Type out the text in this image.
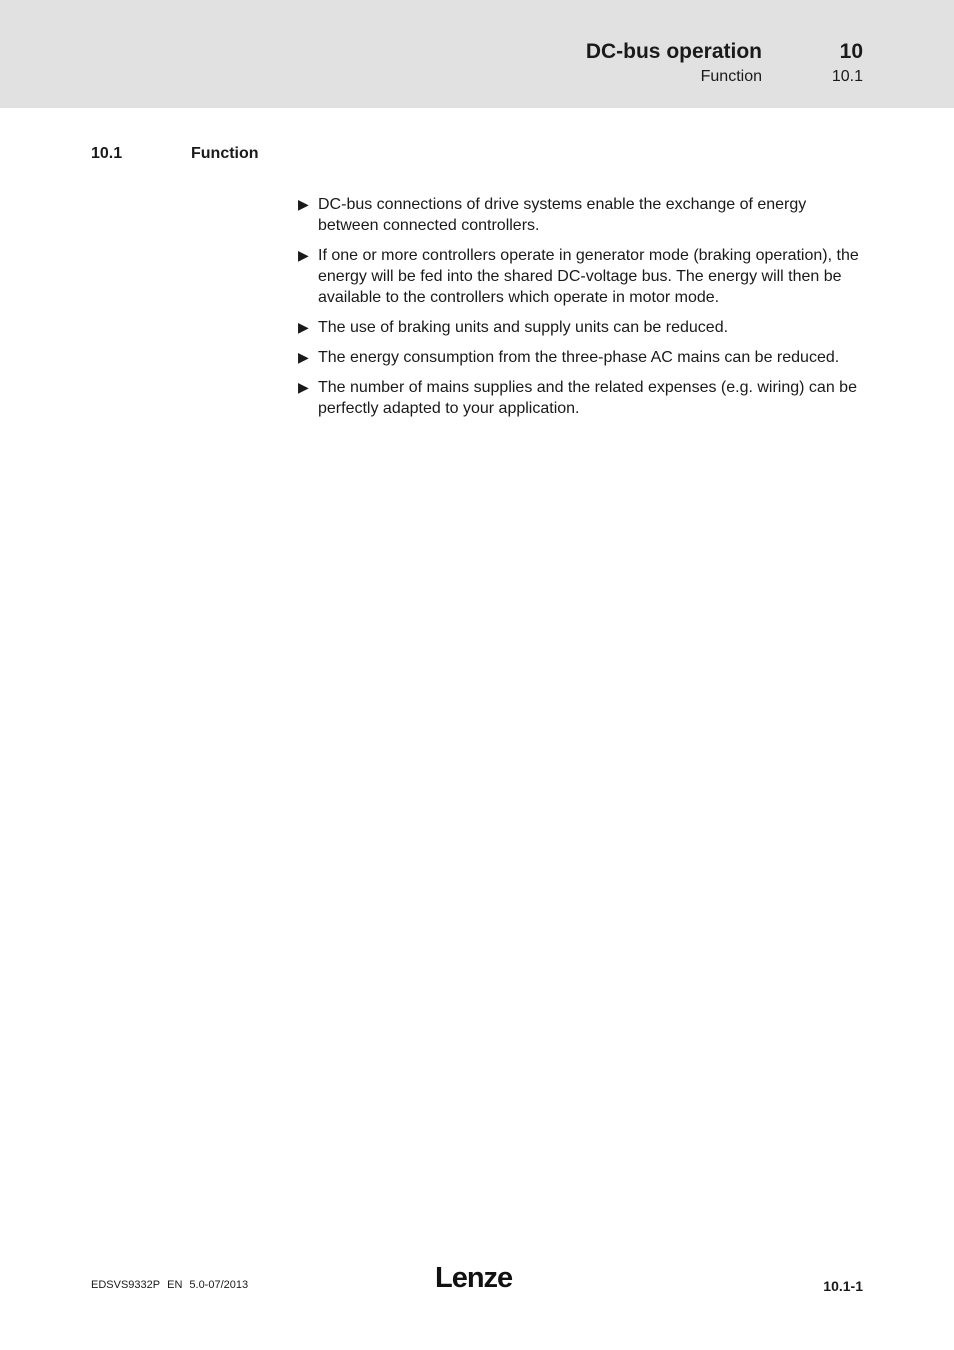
DC-bus operation	10
Function	10.1
10.1	Function
▶ DC-bus connections of drive systems enable the exchange of energy between connected controllers.
▶ If one or more controllers operate in generator mode (braking operation), the energy will be fed into the shared DC-voltage bus. The energy will then be available to the controllers which operate in motor mode.
▶ The use of braking units and supply units can be reduced.
▶ The energy consumption from the three-phase AC mains can be reduced.
▶ The number of mains supplies and the related expenses (e.g. wiring) can be perfectly adapted to your application.
EDSVS9332P EN 5.0-07/2013	Lenze	10.1-1
